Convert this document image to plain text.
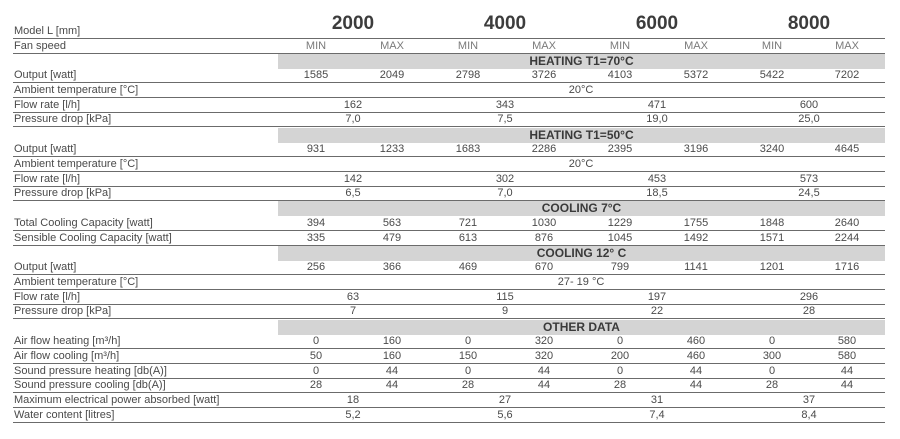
Model L [mm]	2000	4000	6000	8000
Fan speed	MIN	MAX	MIN	MAX	MIN	MAX	MIN	MAX
HEATING T1=70°C
Output [watt]	1585	2049	2798	3726	4103	5372	5422	7202
Ambient temperature [°C]	20°C
Flow rate [l/h]	162	343	471	600
Pressure drop [kPa]	7,0	7,5	19,0	25,0
HEATING T1=50°C
Output [watt]	931	1233	1683	2286	2395	3196	3240	4645
Ambient temperature [°C]	20°C
Flow rate [l/h]	142	302	453	573
Pressure drop [kPa]	6,5	7,0	18,5	24,5
COOLING 7°C
Total Cooling Capacity [watt]	394	563	721	1030	1229	1755	1848	2640
Sensible Cooling Capacity [watt]	335	479	613	876	1045	1492	1571	2244
COOLING 12° C
Output [watt]	256	366	469	670	799	1141	1201	1716
Ambient temperature [°C]	27- 19 °C
Flow rate [l/h]	63	115	197	296
Pressure drop [kPa]	7	9	22	28
OTHER DATA
Air flow heating [m³/h]	0	160	0	320	0	460	0	580
Air flow cooling [m³/h]	50	160	150	320	200	460	300	580
Sound pressure heating [db(A)]	0	44	0	44	0	44	0	44
Sound pressure cooling [db(A)]	28	44	28	44	28	44	28	44
Maximum electrical power absorbed [watt]	18	27	31	37
Water content [litres]	5,2	5,6	7,4	8,4
